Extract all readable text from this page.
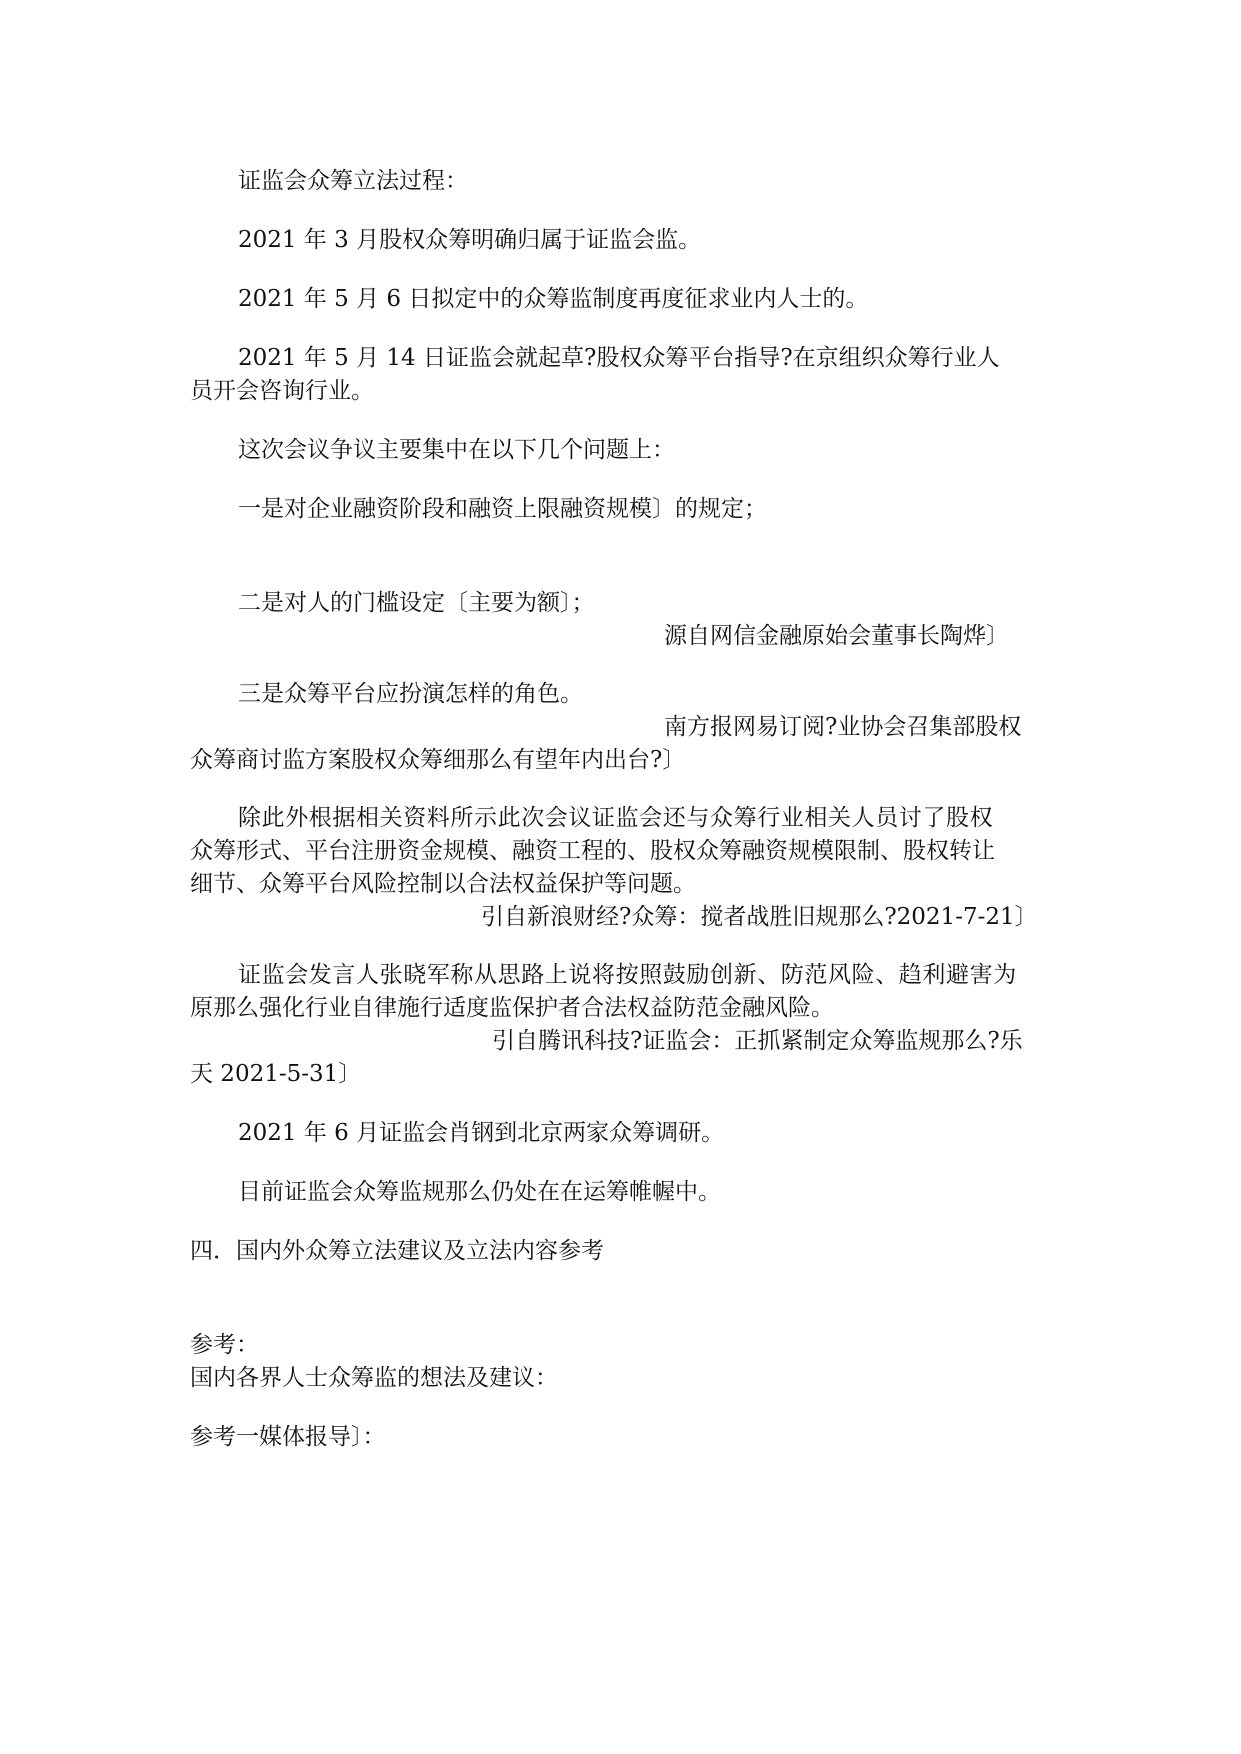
证监会众筹立法过程：
2021 年 3 月股权众筹明确归属于证监会监。
2021 年 5 月 6 日拟定中的众筹监制度再度征求业内人士的。
2021 年 5 月 14 日证监会就起草?股权众筹平台指导?在京组织众筹行业人
员开会咨询行业。
这次会议争议主要集中在以下几个问题上：
一是对企业融资阶段和融资上限融资规模〕的规定；
二是对人的门槛设定〔主要为额〕；
源自网信金融原始会董事长陶烨〕
三是众筹平台应扮演怎样的角色。
南方报网易订阅?业协会召集部股权
众筹商讨监方案股权众筹细那么有望年内出台?〕
除此外根据相关资料所示此次会议证监会还与众筹行业相关人员讨了股权
众筹形式、平台注册资金规模、融资工程的、股权众筹融资规模限制、股权转让
细节、众筹平台风险控制以合法权益保护等问题。
引自新浪财经?众筹：搅者战胜旧规那么?2021-7-21〕
证监会发言人张晓军称从思路上说将按照鼓励创新、防范风险、趋利避害为
原那么强化行业自律施行适度监保护者合法权益防范金融风险。
引自腾讯科技?证监会：正抓紧制定众筹监规那么?乐
天 2021-5-31〕
2021 年 6 月证监会肖钢到北京两家众筹调研。
目前证监会众筹监规那么仍处在在运筹帷幄中。
四．国内外众筹立法建议及立法内容参考
参考：
国内各界人士众筹监的想法及建议：
参考一媒体报导〕：
